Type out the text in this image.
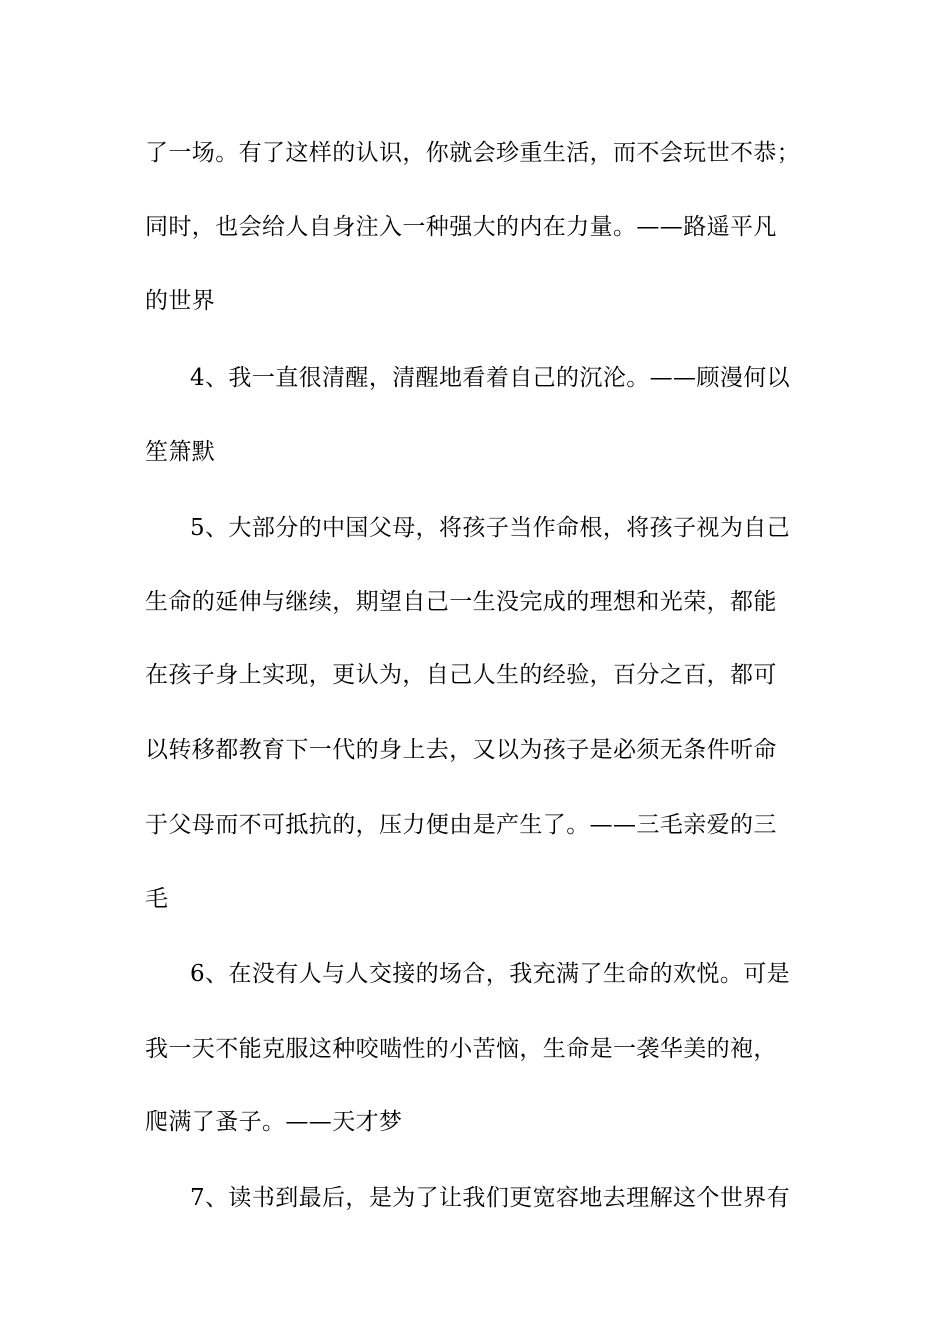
了一场。有了这样的认识，你就会珍重生活，而不会玩世不恭；
同时，也会给人自身注入一种强大的内在力量。——路遥平凡
的世界
4、我一直很清醒，清醒地看着自己的沉沦。——顾漫何以
笙箫默
5、大部分的中国父母，将孩子当作命根，将孩子视为自己
生命的延伸与继续，期望自己一生没完成的理想和光荣，都能
在孩子身上实现，更认为，自己人生的经验，百分之百，都可
以转移都教育下一代的身上去，又以为孩子是必须无条件听命
于父母而不可抵抗的，压力便由是产生了。——三毛亲爱的三
毛
6、在没有人与人交接的场合，我充满了生命的欢悦。可是
我一天不能克服这种咬啮性的小苦恼，生命是一袭华美的袍，
爬满了蚤子。——天才梦
7、读书到最后，是为了让我们更宽容地去理解这个世界有
